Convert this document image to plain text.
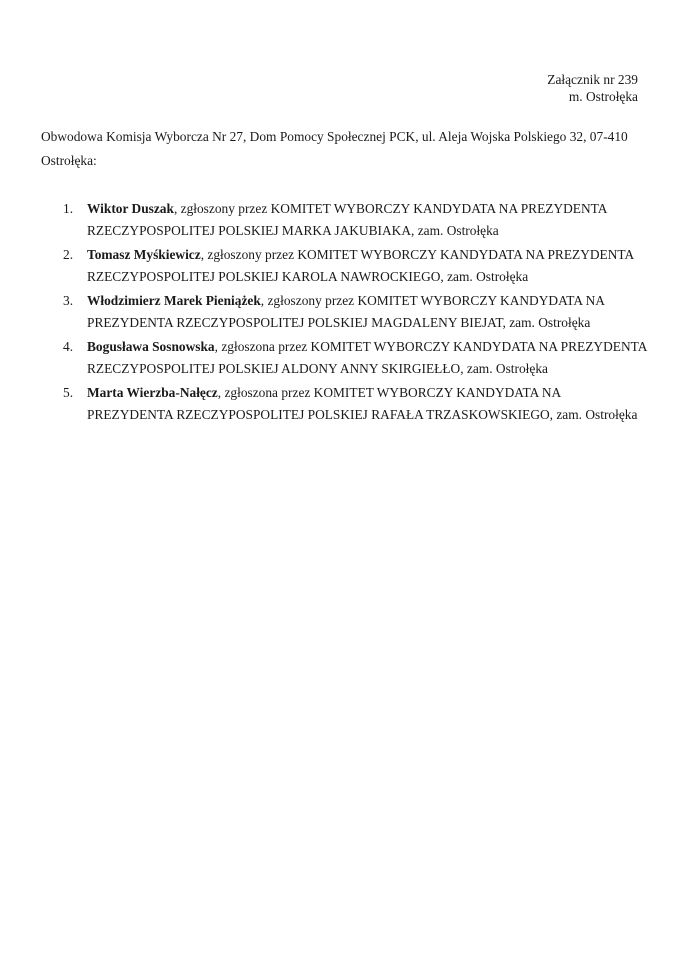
Załącznik nr 239
m. Ostrołęka
Obwodowa Komisja Wyborcza Nr 27, Dom Pomocy Społecznej PCK, ul. Aleja Wojska Polskiego 32, 07-410 Ostrołęka:
1. Wiktor Duszak, zgłoszony przez KOMITET WYBORCZY KANDYDATA NA PREZYDENTA RZECZYPOSPOLITEJ POLSKIEJ MARKA JAKUBIAKA, zam. Ostrołęka
2. Tomasz Myśkiewicz, zgłoszony przez KOMITET WYBORCZY KANDYDATA NA PREZYDENTA RZECZYPOSPOLITEJ POLSKIEJ KAROLA NAWROCKIEGO, zam. Ostrołęka
3. Włodzimierz Marek Pieniążek, zgłoszony przez KOMITET WYBORCZY KANDYDATA NA PREZYDENTA RZECZYPOSPOLITEJ POLSKIEJ MAGDALENY BIEJAT, zam. Ostrołęka
4. Bogusława Sosnowska, zgłoszona przez KOMITET WYBORCZY KANDYDATA NA PREZYDENTA RZECZYPOSPOLITEJ POLSKIEJ ALDONY ANNY SKIRGIEŁŁO, zam. Ostrołęka
5. Marta Wierzba-Nałęcz, zgłoszona przez KOMITET WYBORCZY KANDYDATA NA PREZYDENTA RZECZYPOSPOLITEJ POLSKIEJ RAFAŁA TRZASKOWSKIEGO, zam. Ostrołęka
